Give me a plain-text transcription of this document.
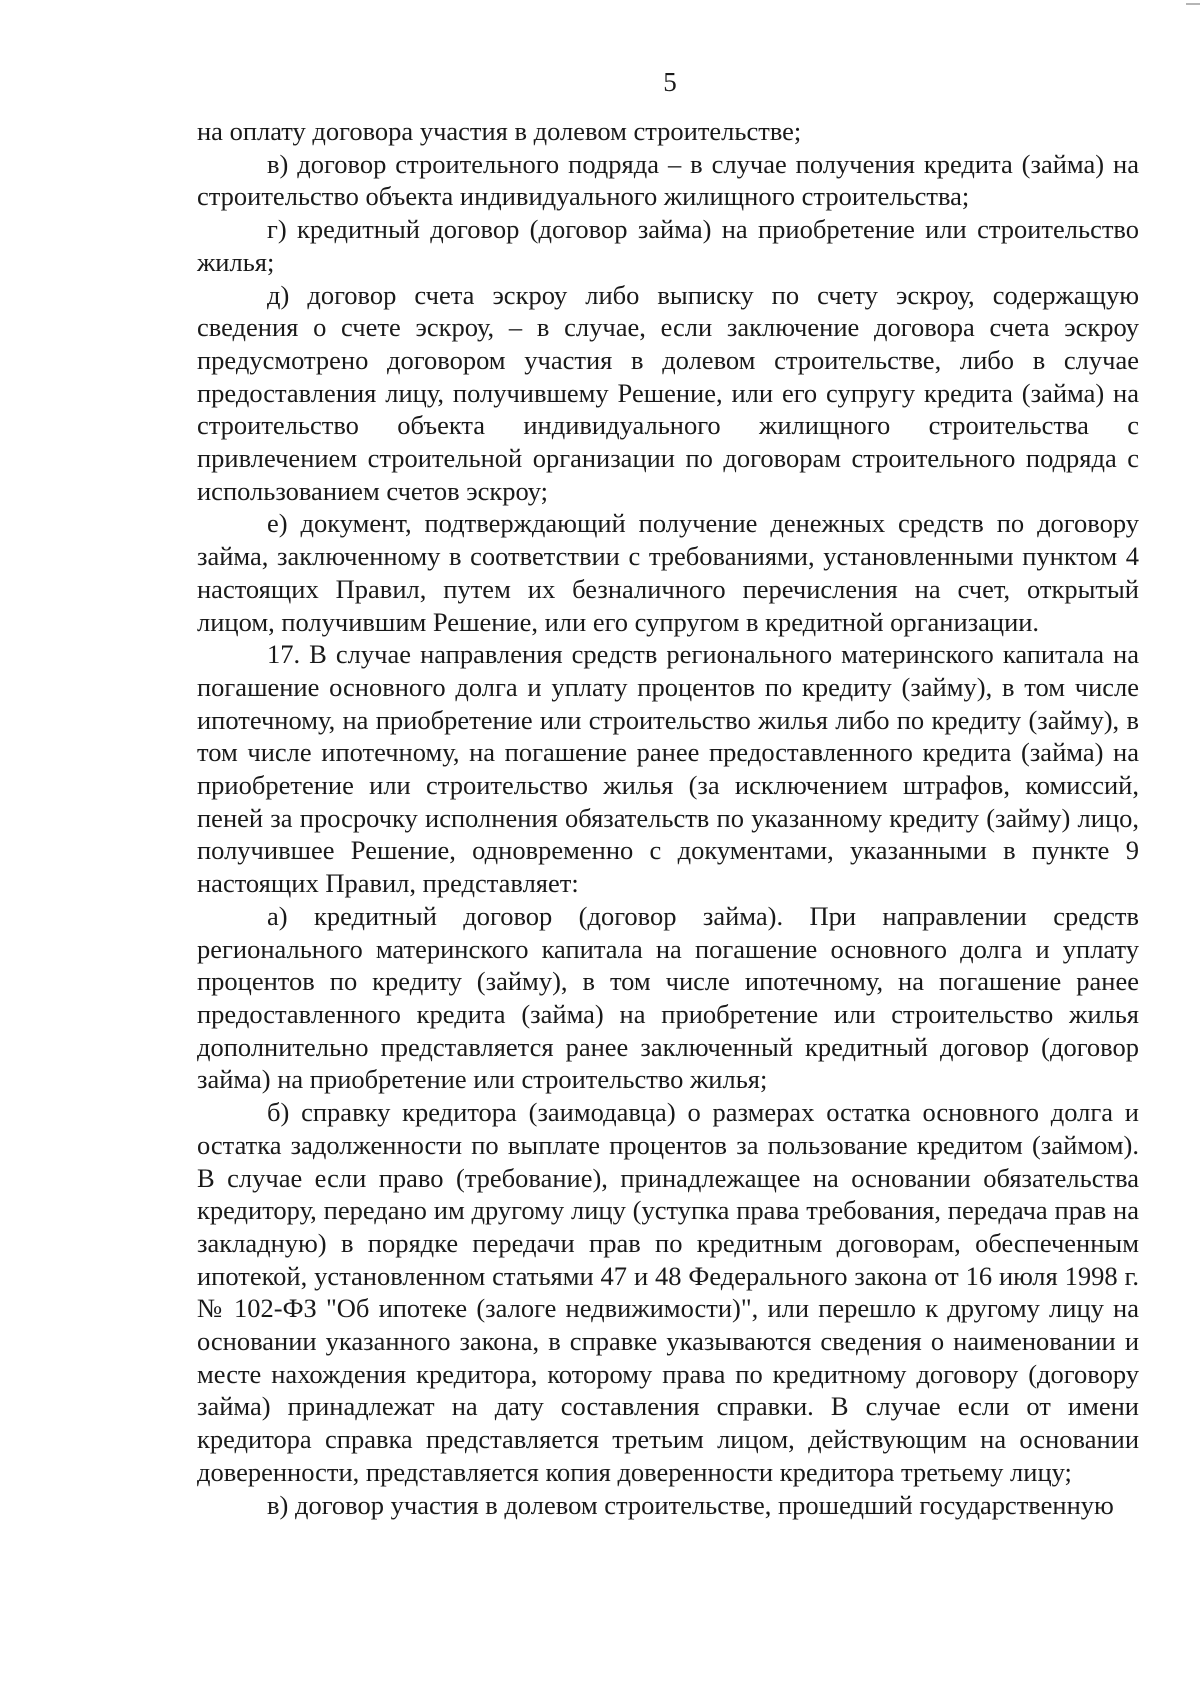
5

на оплату договора участия в долевом строительстве;

в) договор строительного подряда – в случае получения кредита (займа) на строительство объекта индивидуального жилищного строительства;

г) кредитный договор (договор займа) на приобретение или строительство жилья;

д) договор счета эскроу либо выписку по счету эскроу, содержащую сведения о счете эскроу, – в случае, если заключение договора счета эскроу предусмотрено договором участия в долевом строительстве, либо в случае предоставления лицу, получившему Решение, или его супругу кредита (займа) на строительство объекта индивидуального жилищного строительства с привлечением строительной организации по договорам строительного подряда с использованием счетов эскроу;

е) документ, подтверждающий получение денежных средств по договору займа, заключенному в соответствии с требованиями, установленными пунктом 4 настоящих Правил, путем их безналичного перечисления на счет, открытый лицом, получившим Решение, или его супругом в кредитной организации.

17. В случае направления средств регионального материнского капитала на погашение основного долга и уплату процентов по кредиту (займу), в том числе ипотечному, на приобретение или строительство жилья либо по кредиту (займу), в том числе ипотечному, на погашение ранее предоставленного кредита (займа) на приобретение или строительство жилья (за исключением штрафов, комиссий, пеней за просрочку исполнения обязательств по указанному кредиту (займу) лицо, получившее Решение, одновременно с документами, указанными в пункте 9 настоящих Правил, представляет:

а) кредитный договор (договор займа). При направлении средств регионального материнского капитала на погашение основного долга и уплату процентов по кредиту (займу), в том числе ипотечному, на погашение ранее предоставленного кредита (займа) на приобретение или строительство жилья дополнительно представляется ранее заключенный кредитный договор (договор займа) на приобретение или строительство жилья;

б) справку кредитора (заимодавца) о размерах остатка основного долга и остатка задолженности по выплате процентов за пользование кредитом (займом). В случае если право (требование), принадлежащее на основании обязательства кредитору, передано им другому лицу (уступка права требования, передача прав на закладную) в порядке передачи прав по кредитным договорам, обеспеченным ипотекой, установленном статьями 47 и 48 Федерального закона от 16 июля 1998 г. № 102-ФЗ "Об ипотеке (залоге недвижимости)", или перешло к другому лицу на основании указанного закона, в справке указываются сведения о наименовании и месте нахождения кредитора, которому права по кредитному договору (договору займа) принадлежат на дату составления справки. В случае если от имени кредитора справка представляется третьим лицом, действующим на основании доверенности, представляется копия доверенности кредитора третьему лицу;

в) договор участия в долевом строительстве, прошедший государственную
